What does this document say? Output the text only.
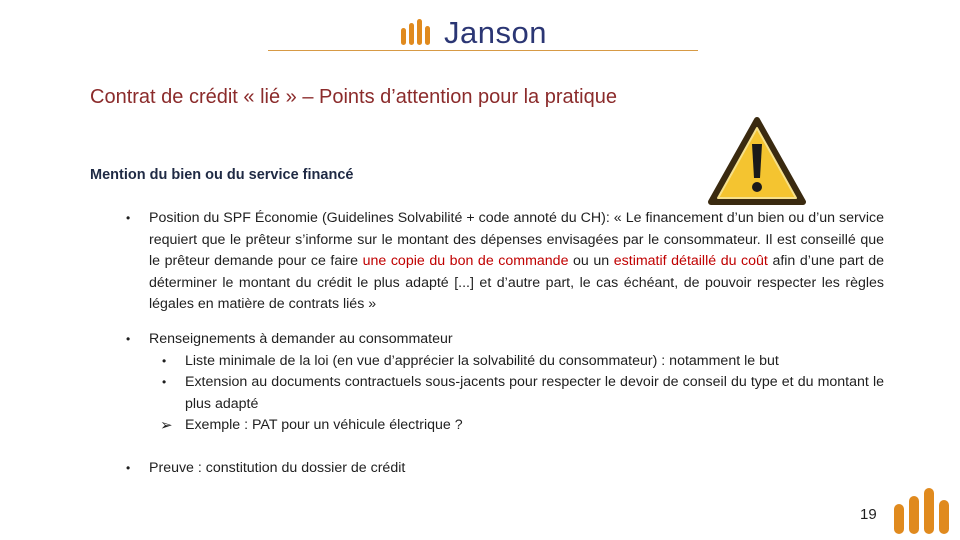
Janson
Contrat de crédit « lié » – Points d’attention pour la pratique
Mention du bien ou du service financé
• Position du SPF Économie (Guidelines Solvabilité + code annoté du CH): « Le financement d’un bien ou d’un service requiert que le prêteur s’informe sur le montant des dépenses envisagées par le consommateur. Il est conseillé que le prêteur demande pour ce faire une copie du bon de commande ou un estimatif détaillé du coût afin d’une part de déterminer le montant du crédit le plus adapté [...] et d’autre part, le cas échéant, de pouvoir respecter les règles légales en matière de contrats liés »
• Renseignements à demander au consommateur
• Liste minimale de la loi (en vue d’apprécier la solvabilité du consommateur) : notamment le but
• Extension au documents contractuels sous-jacents pour respecter le devoir de conseil du type et du montant le plus adapté
➢ Exemple : PAT pour un véhicule électrique ?
• Preuve : constitution du dossier de crédit
19
